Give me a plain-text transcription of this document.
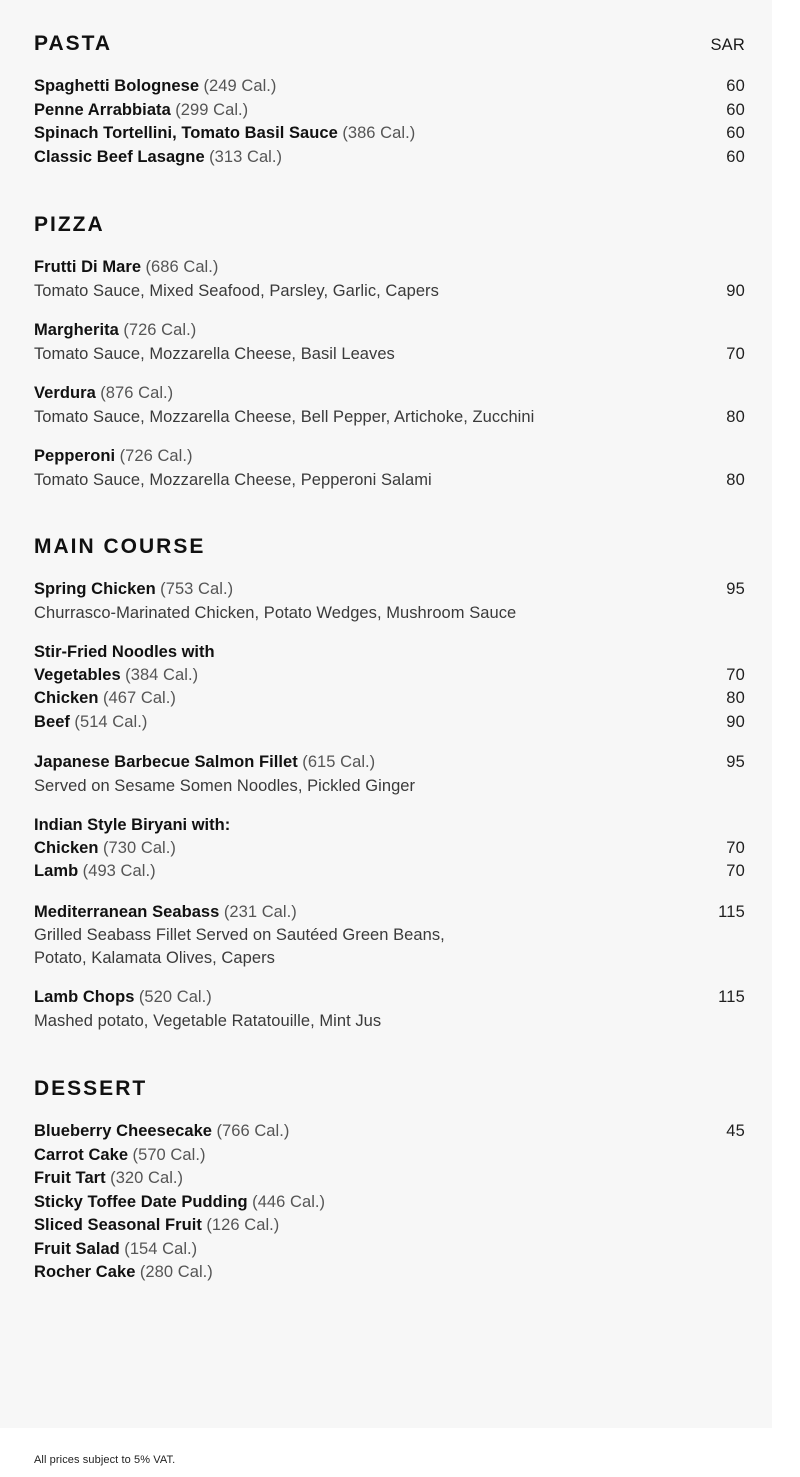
PASTA	SAR
Spaghetti Bolognese (249 Cal.)	60
Penne Arrabbiata (299 Cal.)	60
Spinach Tortellini, Tomato Basil Sauce (386 Cal.)	60
Classic Beef Lasagne (313 Cal.)	60
PIZZA
Frutti Di Mare (686 Cal.)
Tomato Sauce, Mixed Seafood, Parsley, Garlic, Capers	90
Margherita (726 Cal.)
Tomato Sauce, Mozzarella Cheese, Basil Leaves	70
Verdura (876 Cal.)
Tomato Sauce, Mozzarella Cheese, Bell Pepper, Artichoke, Zucchini	80
Pepperoni (726 Cal.)
Tomato Sauce, Mozzarella Cheese, Pepperoni Salami	80
MAIN COURSE
Spring Chicken (753 Cal.)	95
Churrasco-Marinated Chicken, Potato Wedges, Mushroom Sauce
Stir-Fried Noodles with
Vegetables (384 Cal.)	70
Chicken (467 Cal.)	80
Beef (514 Cal.)	90
Japanese Barbecue Salmon Fillet (615 Cal.)	95
Served on Sesame Somen Noodles, Pickled Ginger
Indian Style Biryani with:
Chicken (730 Cal.)	70
Lamb (493 Cal.)	70
Mediterranean Seabass (231 Cal.)	115
Grilled Seabass Fillet Served on Sautéed Green Beans,
Potato, Kalamata Olives, Capers
Lamb Chops (520 Cal.)	115
Mashed potato, Vegetable Ratatouille, Mint Jus
DESSERT
Blueberry Cheesecake (766 Cal.)	45
Carrot Cake (570 Cal.)
Fruit Tart (320 Cal.)
Sticky Toffee Date Pudding (446 Cal.)
Sliced Seasonal Fruit (126 Cal.)
Fruit Salad (154 Cal.)
Rocher Cake (280 Cal.)
All prices subject to 5% VAT.
